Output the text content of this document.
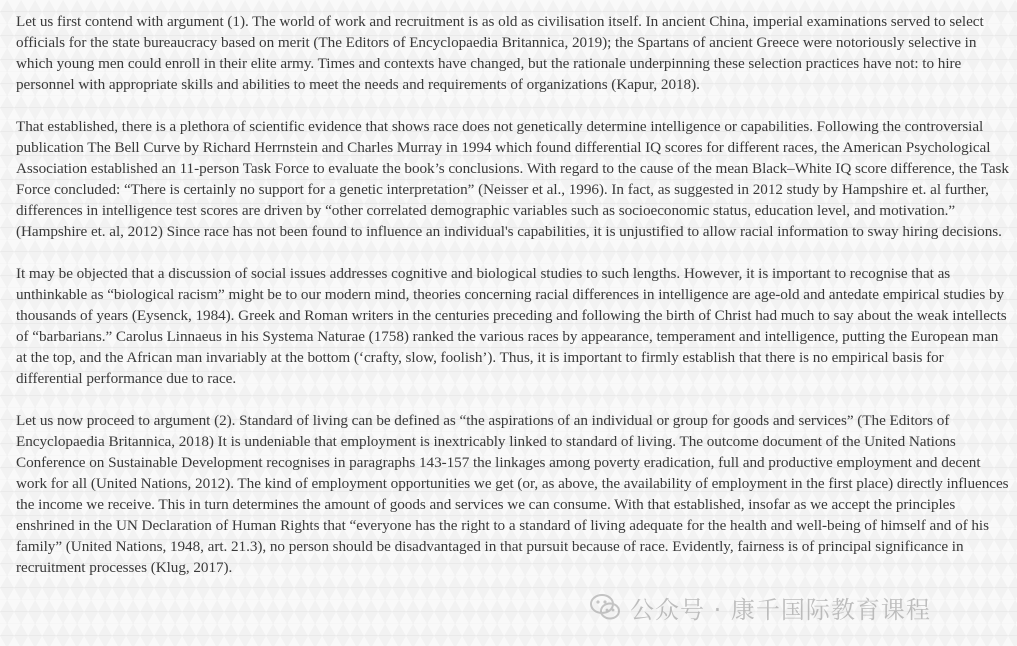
Let us first contend with argument (1). The world of work and recruitment is as old as civilisation itself. In ancient China, imperial examinations served to select officials for the state bureaucracy based on merit (The Editors of Encyclopaedia Britannica, 2019); the Spartans of ancient Greece were notoriously selective in which young men could enroll in their elite army. Times and contexts have changed, but the rationale underpinning these selection practices have not: to hire personnel with appropriate skills and abilities to meet the needs and requirements of organizations (Kapur, 2018).

That established, there is a plethora of scientific evidence that shows race does not genetically determine intelligence or capabilities. Following the controversial publication The Bell Curve by Richard Herrnstein and Charles Murray in 1994 which found differential IQ scores for different races, the American Psychological Association established an 11-person Task Force to evaluate the book’s conclusions. With regard to the cause of the mean Black–White IQ score difference, the Task Force concluded: “There is certainly no support for a genetic interpretation” (Neisser et al., 1996). In fact, as suggested in 2012 study by Hampshire et. al further, differences in intelligence test scores are driven by “other correlated demographic variables such as socioeconomic status, education level, and motivation.” (Hampshire et. al, 2012) Since race has not been found to influence an individual's capabilities, it is unjustified to allow racial information to sway hiring decisions.

It may be objected that a discussion of social issues addresses cognitive and biological studies to such lengths. However, it is important to recognise that as unthinkable as “biological racism” might be to our modern mind, theories concerning racial differences in intelligence are age-old and antedate empirical studies by thousands of years (Eysenck, 1984). Greek and Roman writers in the centuries preceding and following the birth of Christ had much to say about the weak intellects of “barbarians.” Carolus Linnaeus in his Systema Naturae (1758) ranked the various races by appearance, temperament and intelligence, putting the European man at the top, and the African man invariably at the bottom (‘crafty, slow, foolish’). Thus, it is important to firmly establish that there is no empirical basis for differential performance due to race.

Let us now proceed to argument (2). Standard of living can be defined as “the aspirations of an individual or group for goods and services” (The Editors of Encyclopaedia Britannica, 2018) It is undeniable that employment is inextricably linked to standard of living. The outcome document of the United Nations Conference on Sustainable Development recognises in paragraphs 143-157 the linkages among poverty eradication, full and productive employment and decent work for all (United Nations, 2012). The kind of employment opportunities we get (or, as above, the availability of employment in the first place) directly influences the income we receive. This in turn determines the amount of goods and services we can consume. With that established, insofar as we accept the principles enshrined in the UN Declaration of Human Rights that “everyone has the right to a standard of living adequate for the health and well-being of himself and of his family” (United Nations, 1948, art. 21.3), no person should be disadvantaged in that pursuit because of race. Evidently, fairness is of principal significance in recruitment processes (Klug, 2017).

公众号 · 康千国际教育课程
